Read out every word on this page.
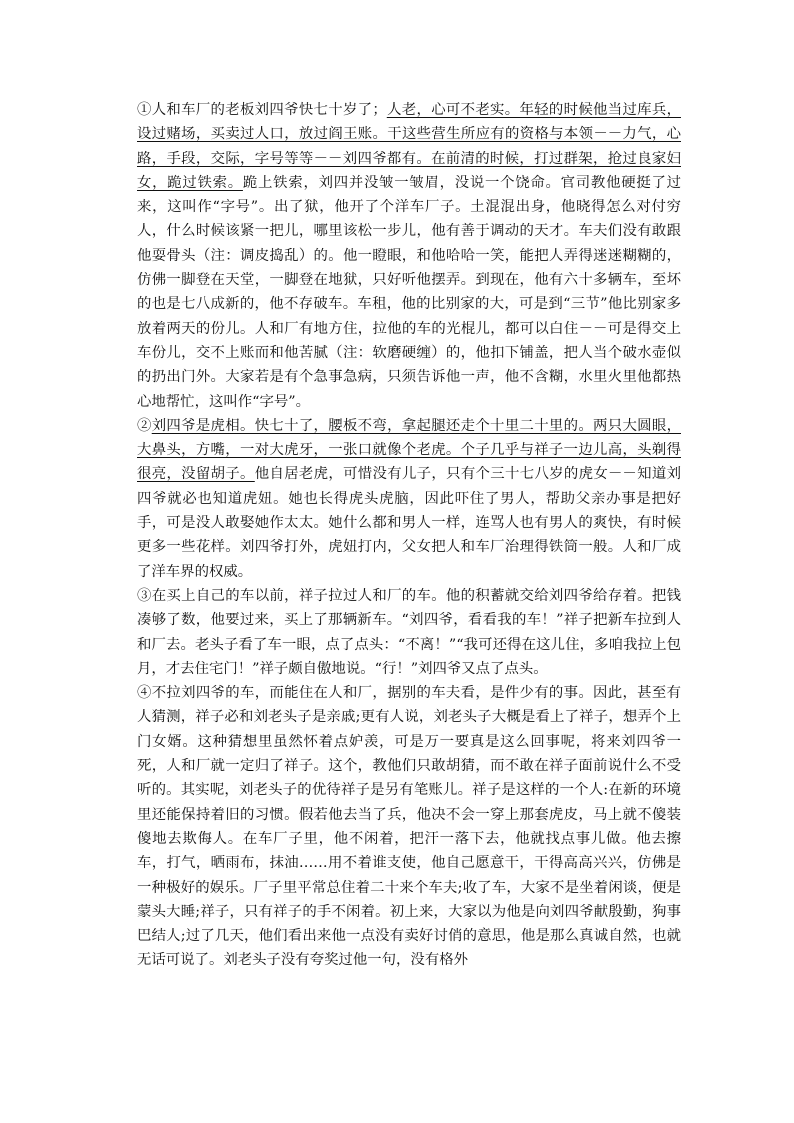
①人和车厂的老板刘四爷快七十岁了；人老，心可不老实。年轻的时候他当过库兵，设过赌场，买卖过人口，放过阎王账。干这些营生所应有的资格与本领－－力气，心路，手段，交际，字号等等－－刘四爷都有。在前清的时候，打过群架，抢过良家妇女，跪过铁索。跪上铁索，刘四并没皱一皱眉，没说一个饶命。官司教他硬挺了过来，这叫作“字号”。出了狱，他开了个洋车厂子。土混混出身，他晓得怎么对付穷人，什么时候该紧一把儿，哪里该松一步儿，他有善于调动的天才。车夫们没有敢跟他耍骨头（注：调皮捣乱）的。他一瞪眼，和他哈哈一笑，能把人弄得迷迷糊糊的，仿佛一脚登在天堂，一脚登在地狱，只好听他摆弄。到现在，他有六十多辆车，至坏的也是七八成新的，他不存破车。车租，他的比别家的大，可是到“三节”他比别家多放着两天的份儿。人和厂有地方住，拉他的车的光棍儿，都可以白住－－可是得交上车份儿，交不上账而和他苦腻（注：软磨硬缠）的，他扣下铺盖，把人当个破水壶似的扔出门外。大家若是有个急事急病，只须告诉他一声，他不含糊，水里火里他都热心地帮忙，这叫作“字号”。

②刘四爷是虎相。快七十了，腰板不弯，拿起腿还走个十里二十里的。两只大圆眼，大鼻头，方嘴，一对大虎牙，一张口就像个老虎。个子几乎与祥子一边儿高，头剃得很亮，没留胡子。他自居老虎，可惜没有儿子，只有个三十七八岁的虎女－－知道刘四爷就必也知道虎妞。她也长得虎头虎脑，因此吓住了男人，帮助父亲办事是把好手，可是没人敢娶她作太太。她什么都和男人一样，连骂人也有男人的爽快，有时候更多一些花样。刘四爷打外，虎妞打内，父女把人和车厂治理得铁筒一般。人和厂成了洋车界的权威。

③在买上自己的车以前，祥子拉过人和厂的车。他的积蓄就交给刘四爷给存着。把钱凑够了数，他要过来，买上了那辆新车。“刘四爷，看看我的车！”祥子把新车拉到人和厂去。老头子看了车一眼，点了点头：“不离！”“我可还得在这儿住，多咱我拉上包月，才去住宅门！”祥子颇自傲地说。“行！”刘四爷又点了点头。

④不拉刘四爷的车，而能住在人和厂，据别的车夫看，是件少有的事。因此，甚至有人猜测，祥子必和刘老头子是亲戚;更有人说，刘老头子大概是看上了祥子，想弄个上门女婿。这种猜想里虽然怀着点妒羡，可是万一要真是这么回事呢，将来刘四爷一死，人和厂就一定归了祥子。这个，教他们只敢胡猜，而不敢在祥子面前说什么不受听的。其实呢，刘老头子的优待祥子是另有笔账儿。祥子是这样的一个人:在新的环境里还能保持着旧的习惯。假若他去当了兵，他决不会一穿上那套虎皮，马上就不傻装傻地去欺侮人。在车厂子里，他不闲着，把汗一落下去，他就找点事儿做。他去擦车，打气，晒雨布，抹油……用不着谁支使，他自己愿意干，干得高高兴兴，仿佛是一种极好的娱乐。厂子里平常总住着二十来个车夫;收了车，大家不是坐着闲谈，便是蒙头大睡;祥子，只有祥子的手不闲着。初上来，大家以为他是向刘四爷献殷勤，狗事巴结人;过了几天，他们看出来他一点没有卖好讨俏的意思，他是那么真诚自然，也就无话可说了。刘老头子没有夸奖过他一句，没有格外
